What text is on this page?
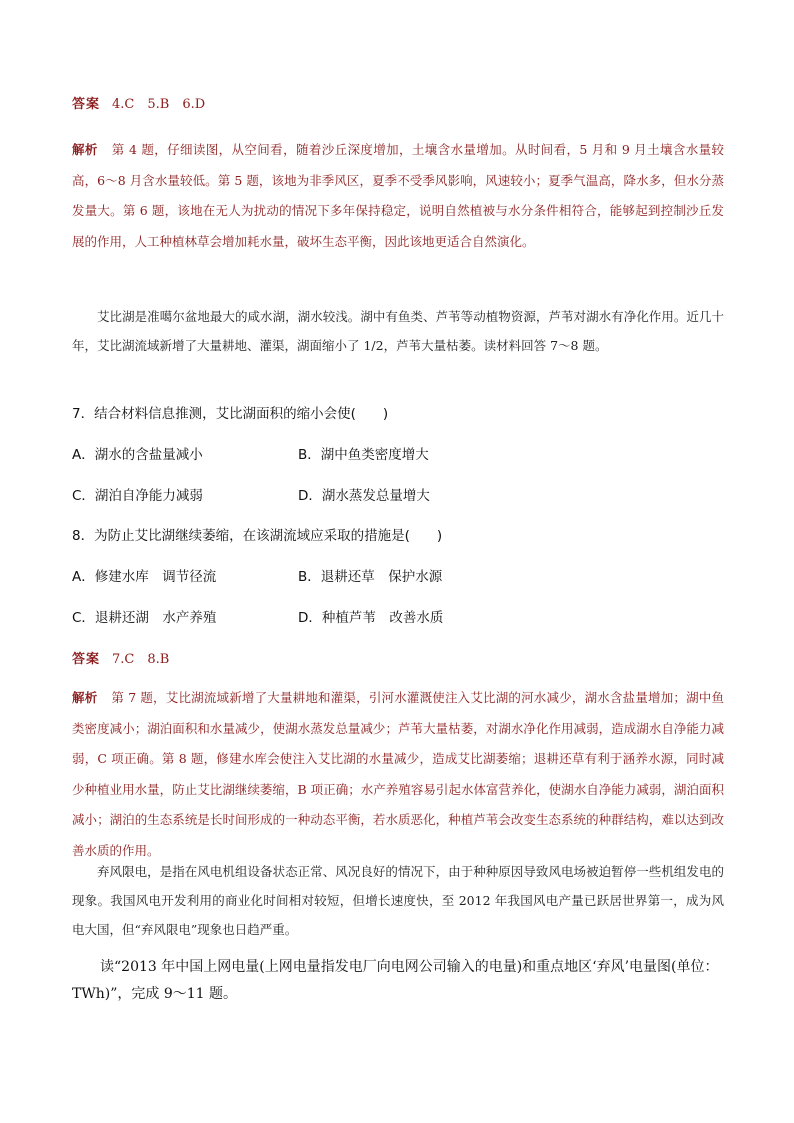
答案 4.C　5.B　6.D

解析 第 4 题，仔细读图，从空间看，随着沙丘深度增加，土壤含水量增加。从时间看，5 月和 9 月土壤含水量较高，6～8 月含水量较低。第 5 题，该地为非季风区，夏季不受季风影响，风速较小；夏季气温高，降水多，但水分蒸发量大。第 6 题，该地在无人为扰动的情况下多年保持稳定，说明自然植被与水分条件相符合，能够起到控制沙丘发展的作用，人工种植林草会增加耗水量，破坏生态平衡，因此该地更适合自然演化。

艾比湖是准噶尔盆地最大的咸水湖，湖水较浅。湖中有鱼类、芦苇等动植物资源，芦苇对湖水有净化作用。近几十年，艾比湖流域新增了大量耕地、灌渠，湖面缩小了 1/2，芦苇大量枯萎。读材料回答 7～8 题。

7．结合材料信息推测，艾比湖面积的缩小会使(　　)
A．湖水的含盐量减小	B．湖中鱼类密度增大
C．湖泊自净能力减弱	D．湖水蒸发总量增大
8．为防止艾比湖继续萎缩，在该湖流域应采取的措施是(　　)
A．修建水库　调节径流	B．退耕还草　保护水源
C．退耕还湖　水产养殖	D．种植芦苇　改善水质
答案 7.C　8.B

解析 第 7 题，艾比湖流域新增了大量耕地和灌渠，引河水灌溉使注入艾比湖的河水减少，湖水含盐量增加；湖中鱼类密度减小；湖泊面积和水量减少，使湖水蒸发总量减少；芦苇大量枯萎，对湖水净化作用减弱，造成湖水自净能力减弱，C 项正确。第 8 题，修建水库会使注入艾比湖的水量减少，造成艾比湖萎缩；退耕还草有利于涵养水源，同时减少种植业用水量，防止艾比湖继续萎缩，B 项正确；水产养殖容易引起水体富营养化，使湖水自净能力减弱，湖泊面积减小；湖泊的生态系统是长时间形成的一种动态平衡，若水质恶化，种植芦苇会改变生态系统的种群结构，难以达到改善水质的作用。

弃风限电，是指在风电机组设备状态正常、风况良好的情况下，由于种种原因导致风电场被迫暂停一些机组发电的现象。我国风电开发利用的商业化时间相对较短，但增长速度快，至 2012 年我国风电产量已跃居世界第一，成为风电大国，但“弃风限电”现象也日趋严重。

读“2013 年中国上网电量(上网电量指发电厂向电网公司输入的电量)和重点地区‘弃风’电量图(单位：TWh)”，完成 9～11 题。
